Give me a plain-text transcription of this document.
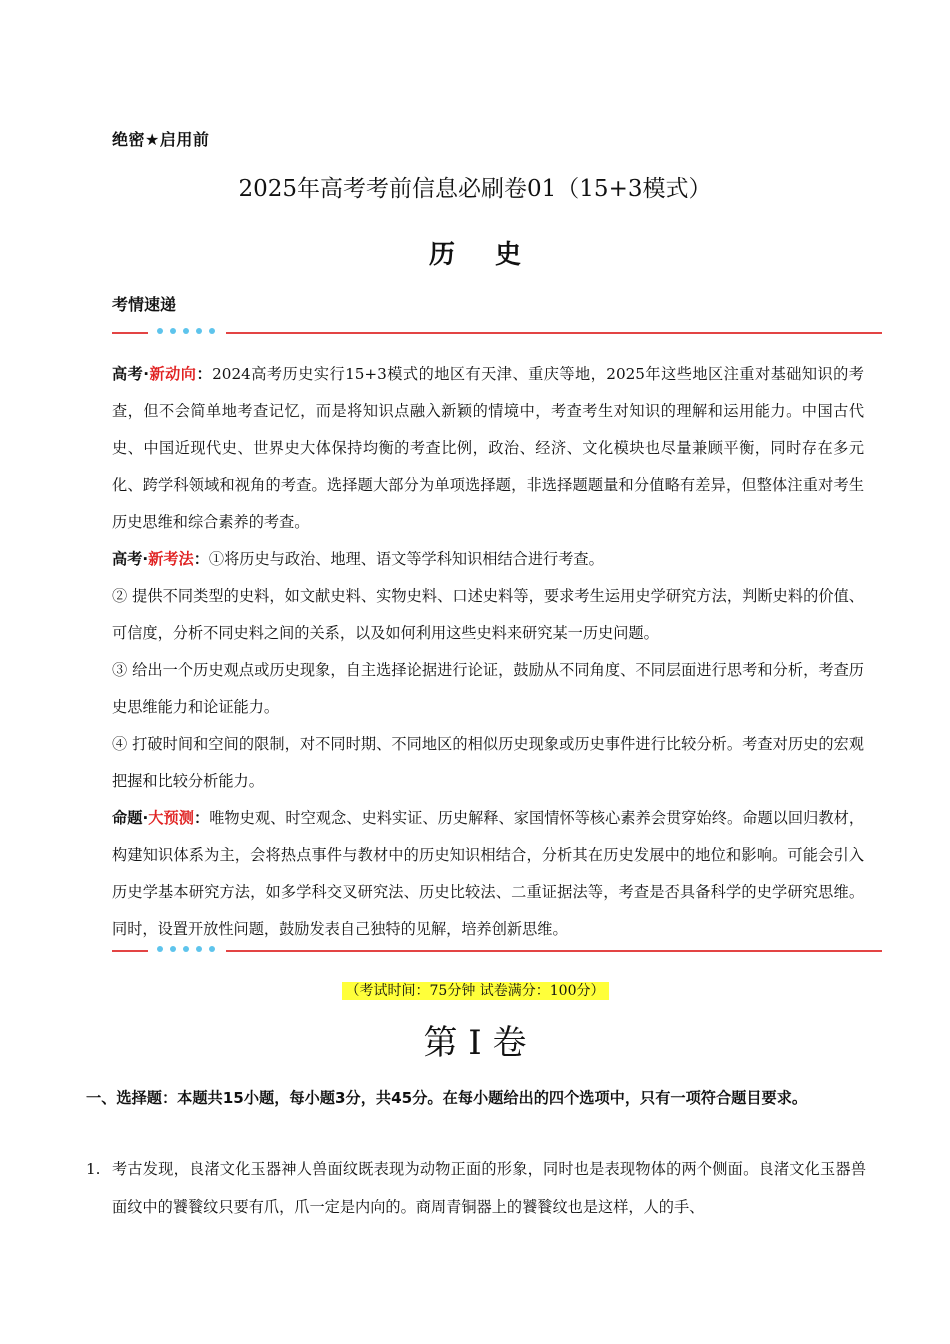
绝密★启用前
2025年高考考前信息必刷卷01（15+3模式）
历史
考情速递

高考·新动向：2024高考历史实行15+3模式的地区有天津、重庆等地，2025年这些地区注重对基础知识的考查，但不会简单地考查记忆，而是将知识点融入新颖的情境中，考查考生对知识的理解和运用能力。中国古代史、中国近现代史、世界史大体保持均衡的考查比例，政治、经济、文化模块也尽量兼顾平衡，同时存在多元化、跨学科领域和视角的考查。选择题大部分为单项选择题，非选择题题量和分值略有差异，但整体注重对考生历史思维和综合素养的考查。

高考·新考法：①将历史与政治、地理、语文等学科知识相结合进行考查。

② 提供不同类型的史料，如文献史料、实物史料、口述史料等，要求考生运用史学研究方法，判断史料的价值、可信度，分析不同史料之间的关系，以及如何利用这些史料来研究某一历史问题。

③ 给出一个历史观点或历史现象，自主选择论据进行论证，鼓励从不同角度、不同层面进行思考和分析，考查历史思维能力和论证能力。

④ 打破时间和空间的限制，对不同时期、不同地区的相似历史现象或历史事件进行比较分析。考查对历史的宏观把握和比较分析能力。

命题·大预测：唯物史观、时空观念、史料实证、历史解释、家国情怀等核心素养会贯穿始终。命题以回归教材，构建知识体系为主，会将热点事件与教材中的历史知识相结合，分析其在历史发展中的地位和影响。可能会引入历史学基本研究方法，如多学科交叉研究法、历史比较法、二重证据法等，考查是否具备科学的史学研究思维。同时，设置开放性问题，鼓励发表自己独特的见解，培养创新思维。

（考试时间：75分钟 试卷满分：100分）
第 I 卷
一、选择题：本题共15小题，每小题3分，共45分。在每小题给出的四个选项中，只有一项符合题目要求。
1. 考古发现，良渚文化玉器神人兽面纹既表现为动物正面的形象，同时也是表现物体的两个侧面。良渚文化玉器兽面纹中的饕餮纹只要有爪，爪一定是内向的。商周青铜器上的饕餮纹也是这样，人的手、
